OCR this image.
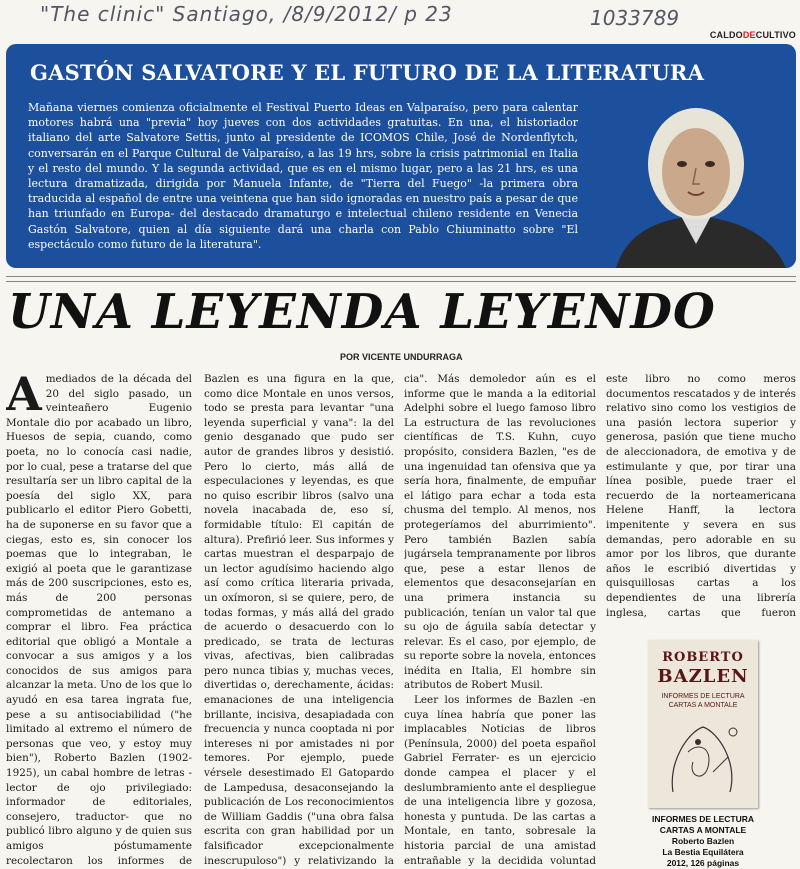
"The clinic" Santiago, /8/9/2012/ p 23	1033789
CALDODECULTIVO
GASTÓN SALVATORE Y EL FUTURO DE LA LITERATURA

Mañana viernes comienza oficialmente el Festival Puerto Ideas en Valparaíso, pero para calentar motores habrá una "previa" hoy jueves con dos actividades gratuitas. En una, el historiador italiano del arte Salvatore Settis, junto al presidente de ICOMOS Chile, José de Nordenflytch, conversarán en el Parque Cultural de Valparaíso, a las 19 hrs, sobre la crisis patrimonial en Italia y el resto del mundo. Y la segunda actividad, que es en el mismo lugar, pero a las 21 hrs, es una lectura dramatizada, dirigida por Manuela Infante, de "Tierra del Fuego" -la primera obra traducida al español de entre una veintena que han sido ignoradas en nuestro país a pesar de que han triunfado en Europa- del destacado dramaturgo e intelectual chileno residente en Venecia Gastón Salvatore, quien al día siguiente dará una charla con Pablo Chiuminatto sobre "El espectáculo como futuro de la literatura".

UNA LEYENDA LEYENDO
POR VICENTE UNDURRAGA
A mediados de la década del 20 del siglo pasado, un veinteañero Eugenio Montale dio por acabado un libro, Huesos de sepia, cuando, como poeta, no lo conocía casi nadie, por lo cual, pese a tratarse del que resultaría ser un libro capital de la poesía del siglo XX, para publicarlo el editor Piero Gobetti, ha de suponerse en su favor que a ciegas, esto es, sin conocer los poemas que lo integraban, le exigió al poeta que le garantizase más de 200 suscripciones, esto es, más de 200 personas comprometidas de antemano a comprar el libro. Fea práctica editorial que obligó a Montale a convocar a sus amigos y a los conocidos de sus amigos para alcanzar la meta. Uno de los que lo ayudó en esa tarea ingrata fue, pese a su antisociabilidad ("he limitado al extremo el número de personas que veo, y estoy muy bien"), Roberto Bazlen (1902-1925), un cabal hombre de letras -lector de ojo privilegiado: informador de editoriales, consejero, traductor- que no publicó libro alguno y de quien sus amigos póstumamente recolectaron los informes de

Bazlen es una figura en la que, como dice Montale en unos versos, todo se presta para levantar "una leyenda superficial y vana": la del genio desganado que pudo ser autor de grandes libros y desistió. Pero lo cierto, más allá de especulaciones y leyendas, es que no quiso escribir libros (salvo una novela inacabada de, eso sí, formidable título: El capitán de altura). Prefirió leer. Sus informes y cartas muestran el desparpajo de un lector agudísimo haciendo algo así como crítica literaria privada, un oxímoron, si se quiere, pero, de todas formas, y más allá del grado de acuerdo o desacuerdo con lo predicado, se trata de lecturas vivas, afectivas, bien calibradas pero nunca tibias y, muchas veces, divertidas o, derechamente, ácidas: emanaciones de una inteligencia brillante, incisiva, desapiadada con frecuencia y nunca cooptada ni por intereses ni por amistades ni por temores. Por ejemplo, puede vérsele desestimado El Gatopardo de Lampedusa, desaconsejando la publicación de Los reconocimientos de William Gaddis ("una obra falsa escrita con gran habilidad por un falsificador excepcionalmente inescrupuloso") y relativizando la

cia". Más demoledor aún es el informe que le manda a la editorial Adelphi sobre el luego famoso libro La estructura de las revoluciones científicas de T.S. Kuhn, cuyo propósito, considera Bazlen, "es de una ingenuidad tan ofensiva que ya sería hora, finalmente, de empuñar el látigo para echar a toda esta chusma del templo. Al menos, nos protegeríamos del aburrimiento". Pero también Bazlen sabía jugársela tempranamente por libros que, pese a estar llenos de elementos que desaconsejarían en una primera instancia su publicación, tenían un valor tal que su ojo de águila sabía detectar y relevar. Es el caso, por ejemplo, de su reporte sobre la novela, entonces inédita en Italia, El hombre sin atributos de Robert Musil.

Leer los informes de Bazlen -en cuya línea habría que poner las implacables Noticias de libros (Península, 2000) del poeta español Gabriel Ferrater- es un ejercicio donde campea el placer y el deslumbramiento ante el despliegue de una inteligencia libre y gozosa, honesta y puntuda. De las cartas a Montale, en tanto, sobresale la historia parcial de una amistad entrañable y la decidida voluntad

este libro no como meros documentos rescatados y de interés relativo sino como los vestigios de una pasión lectora superior y generosa, pasión que tiene mucho de aleccionadora, de emotiva y de estimulante y que, por tirar una línea posible, puede traer el recuerdo de la norteamericana Helene Hanff, la lectora impenitente y severa en sus demandas, pero adorable en su amor por los libros, que durante años le escribió divertidas y quisquillosas cartas a los dependientes de una librería inglesa, cartas que fueron

ROBERTO
BAZLEN
INFORMES DE LECTURA
CARTAS A MONTALE
INFORMES DE LECTURA
CARTAS A MONTALE
Roberto Bazlen
La Bestia Equilátera
2012, 126 páginas
